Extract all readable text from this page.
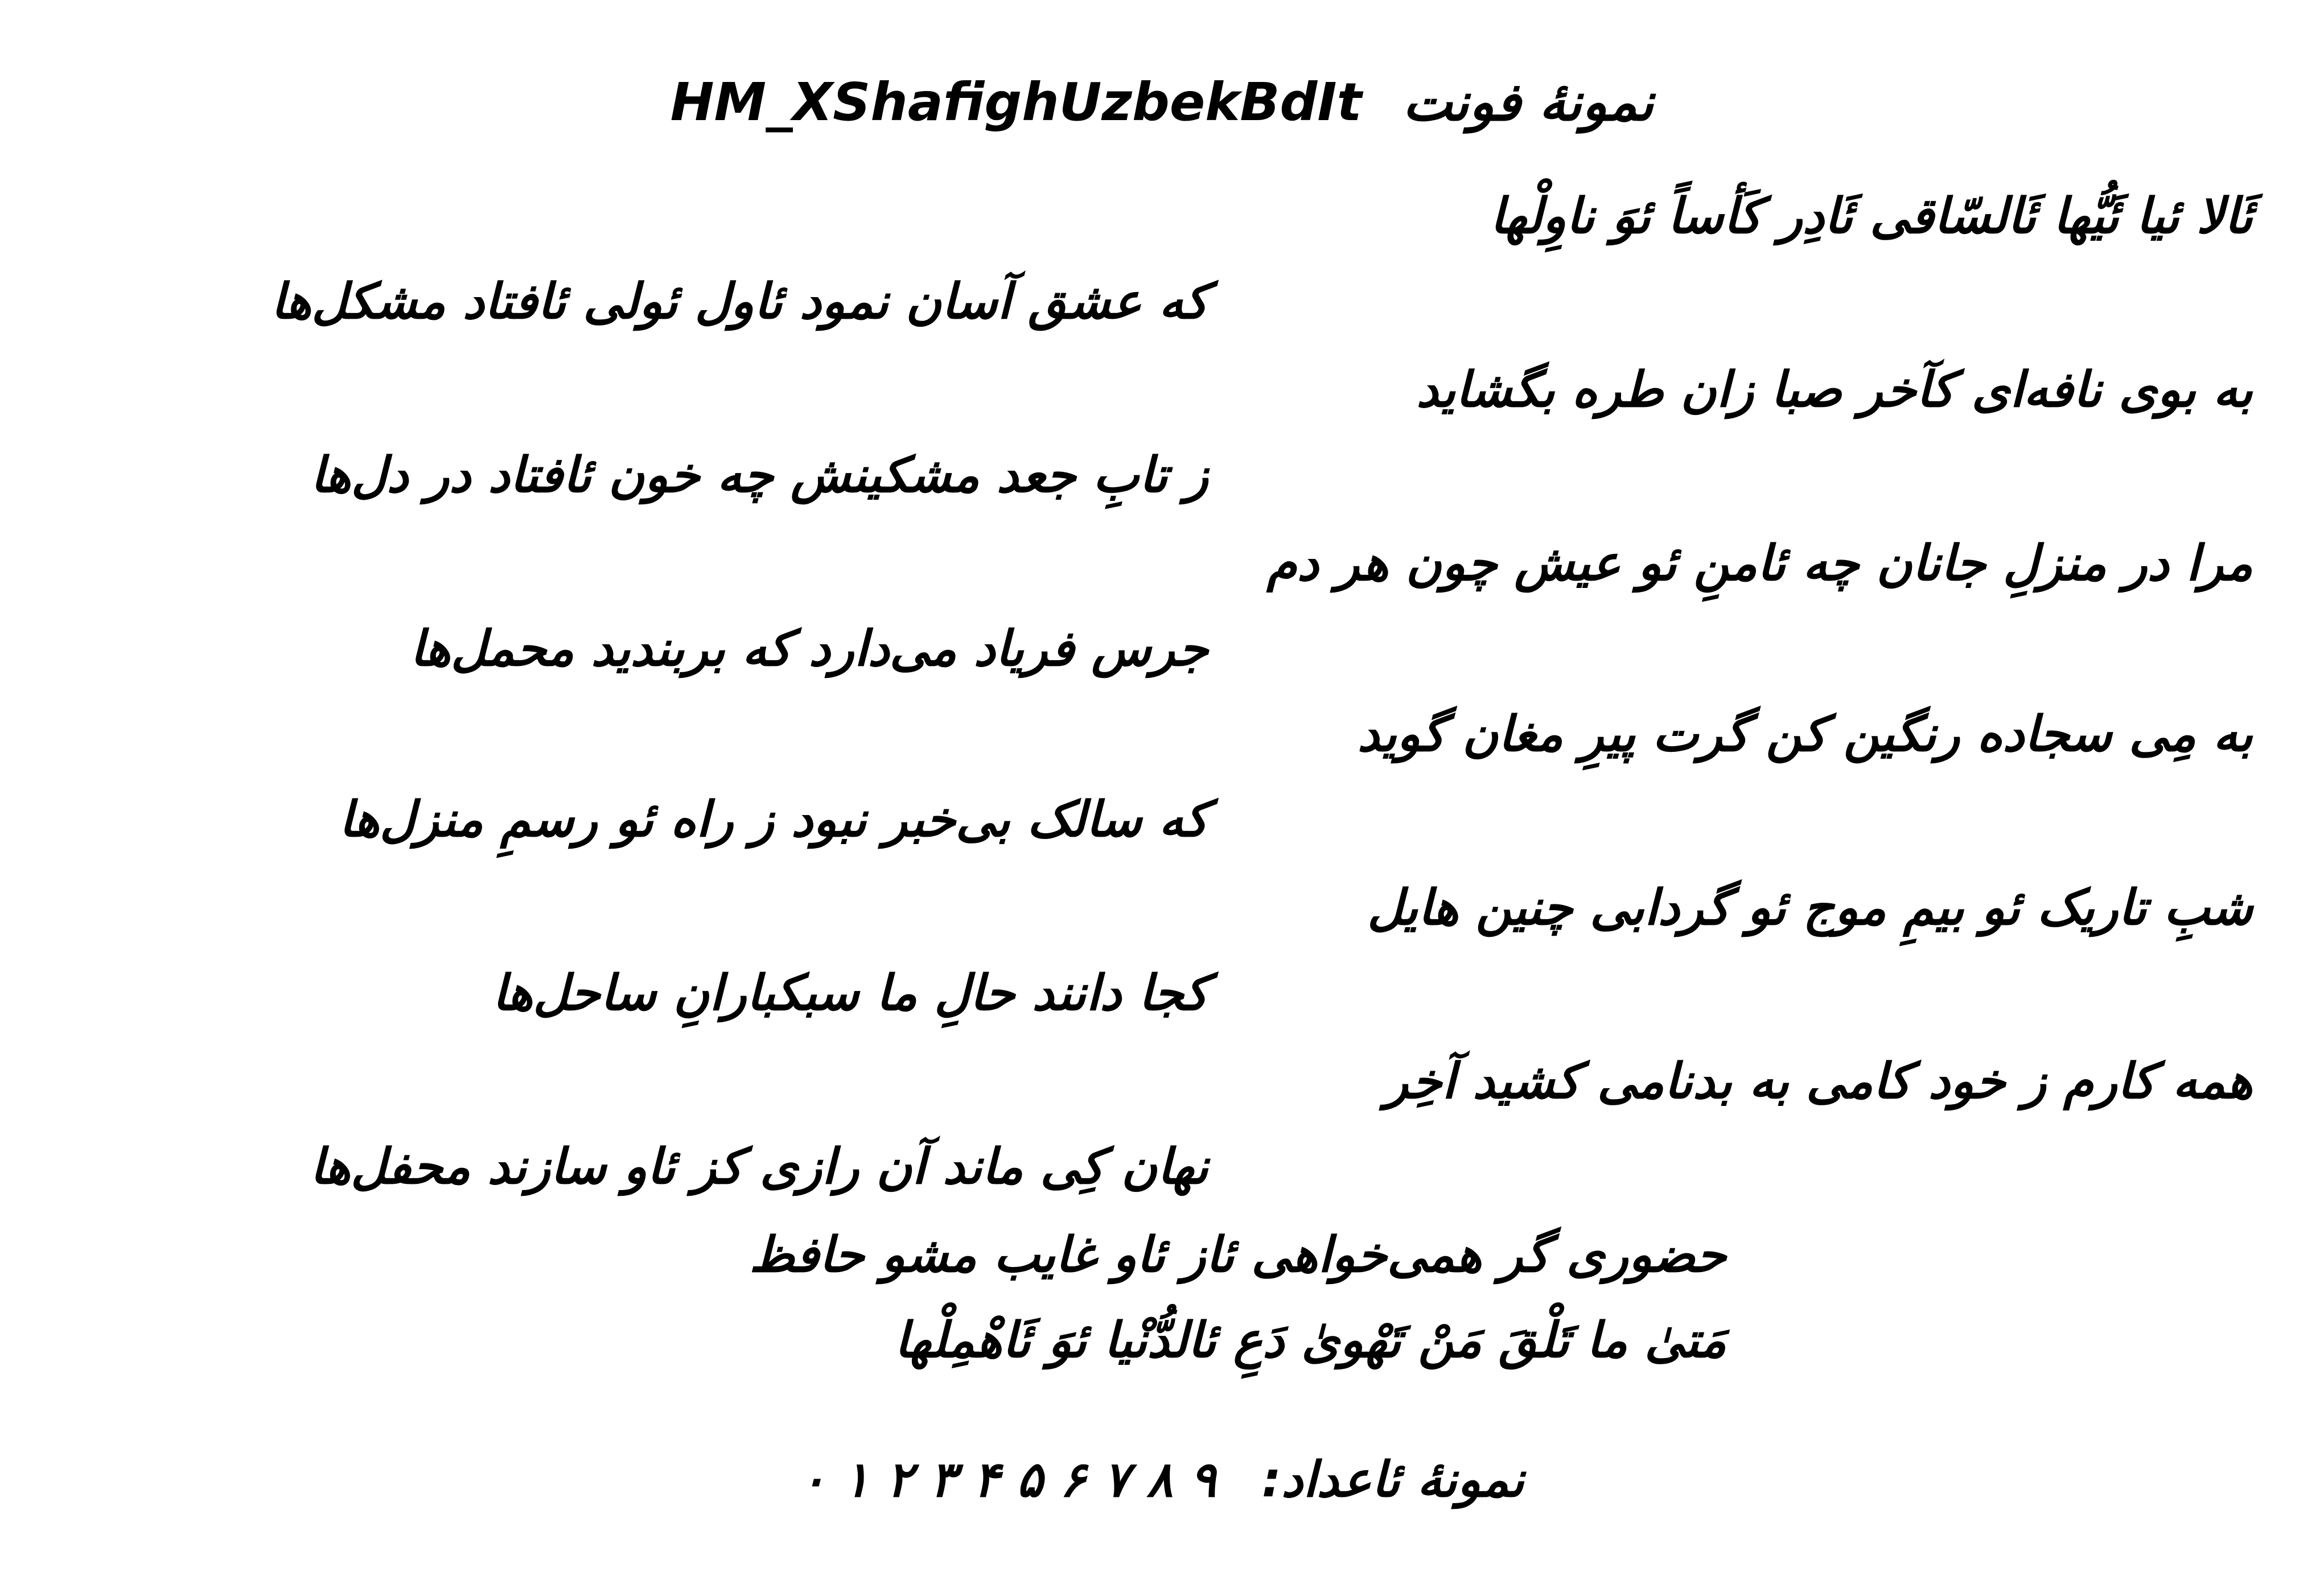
نمونهٔ فونت HM_XShafighUzbekBdIt
ئَالا ئیا ئَیُّها ئَالسّاقی ئَادِر کَأساً ئوَ ناوِلْها
که عشق آسان نمود ئاول ئولی ئافتاد مشکل‌ها
به بوی نافه‌ای کآخر صبا زان طره بگشاید
ز تابِ جعد مشکینش چه خون ئافتاد در دل‌ها
مرا در منزلِ جانان چه ئامنِ ئو عیش چون هر دم
جرس فریاد می‌دارد که بربندید محمل‌ها
به مِی سجاده رنگین کن گرت پیرِ مغان گوید
که سالک بی‌خبر نبود ز راه ئو رسمِ منزل‌ها
شبِ تاریک ئو بیمِ موج ئو گردابی چنین هایل
کجا دانند حالِ ما سبکبارانِ ساحل‌ها
همه کارم ز خود کامی به بدنامی کشید آخِر
نهان کِی ماند آن رازی کز ئاو سازند محفل‌ها
حضوری گر همی‌خواهی ئاز ئاو غایب مشو حافظ
مَتیٰ ما تَلْقَ مَنْ تَهْویٰ دَعِ ئالدُّنْیا ئوَ ئَاهْمِلْها
نمونهٔ ئاعداد: ۹ ۸ ۷ ۶ ۵ ۴ ۳ ۲ ۱ ۰
